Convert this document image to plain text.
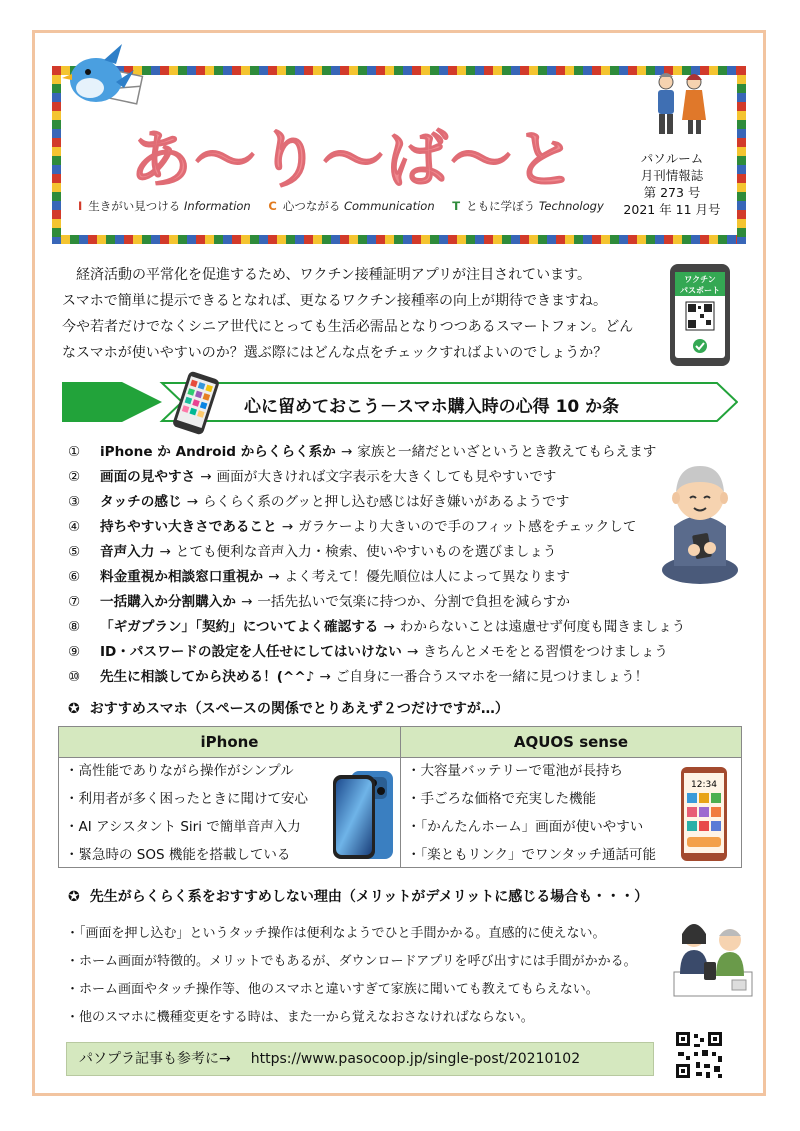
あ〜り〜ば〜と
I 生きがい見つける Information C 心つながる Communication T ともに学ぼう Technology
パソルーム
月刊情報誌
第 273 号
2021 年 11 月号

経済活動の平常化を促進するため、ワクチン接種証明アプリが注目されています。

スマホで簡単に提示できるとなれば、更なるワクチン接種率の向上が期待できますね。
今や若者だけでなくシニア世代にとっても生活必需品となりつつあるスマートフォン。どん
なスマホが使いやすいのか？選ぶ際にはどんな点をチェックすればよいのでしょうか？
ワクチン
パスポート
心に留めておこう－スマホ購入時の心得 10 か条
① iPhone か Android からくらく系か → 家族と一緒だといざというとき教えてもらえます
② 画面の見やすさ → 画面が大きければ文字表示を大きくしても見やすいです
③ タッチの感じ → らくらく系のグッと押し込む感じは好き嫌いがあるようです
④ 持ちやすい大きさであること → ガラケーより大きいので手のフィット感をチェックして
⑤ 音声入力 → とても便利な音声入力・検索、使いやすいものを選びましょう
⑥ 料金重視か相談窓口重視か → よく考えて！優先順位は人によって異なります
⑦ 一括購入か分割購入か → 一括先払いで気楽に持つか、分割で負担を減らすか
⑧ 「ギガプラン」「契約」についてよく確認する → わからないことは遠慮せず何度も聞きましょう
⑨ ID・パスワードの設定を人任せにしてはいけない → きちんとメモをとる習慣をつけましょう
⑩ 先生に相談してから決める！(^^♪ → ご自身に一番合うスマホを一緒に見つけましょう！
✪ おすすめスマホ（スペースの関係でとりあえず２つだけですが…）
iPhone	AQUOS sense
・高性能でありながら操作がシンプル
・利用者が多く困ったときに聞けて安心
・AI アシスタント Siri で簡単音声入力
・緊急時の SOS 機能を搭載している
・大容量バッテリーで電池が長持ち
・手ごろな価格で充実した機能
・「かんたんホーム」画面が使いやすい
・「楽ともリンク」でワンタッチ通話可能
12:34
✪ 先生がらくらく系をおすすめしない理由（メリットがデメリットに感じる場合も・・・）
・「画面を押し込む」というタッチ操作は便利なようでひと手間かかる。直感的に使えない。
・ホーム画面が特徴的。メリットでもあるが、ダウンロードアプリを呼び出すには手間がかかる。
・ホーム画面やタッチ操作等、他のスマホと違いすぎて家族に聞いても教えてもらえない。
・他のスマホに機種変更をする時は、また一から覚えなおさなければならない。
パソプラ記事も参考に→ https://www.pasocoop.jp/single-post/20210102
